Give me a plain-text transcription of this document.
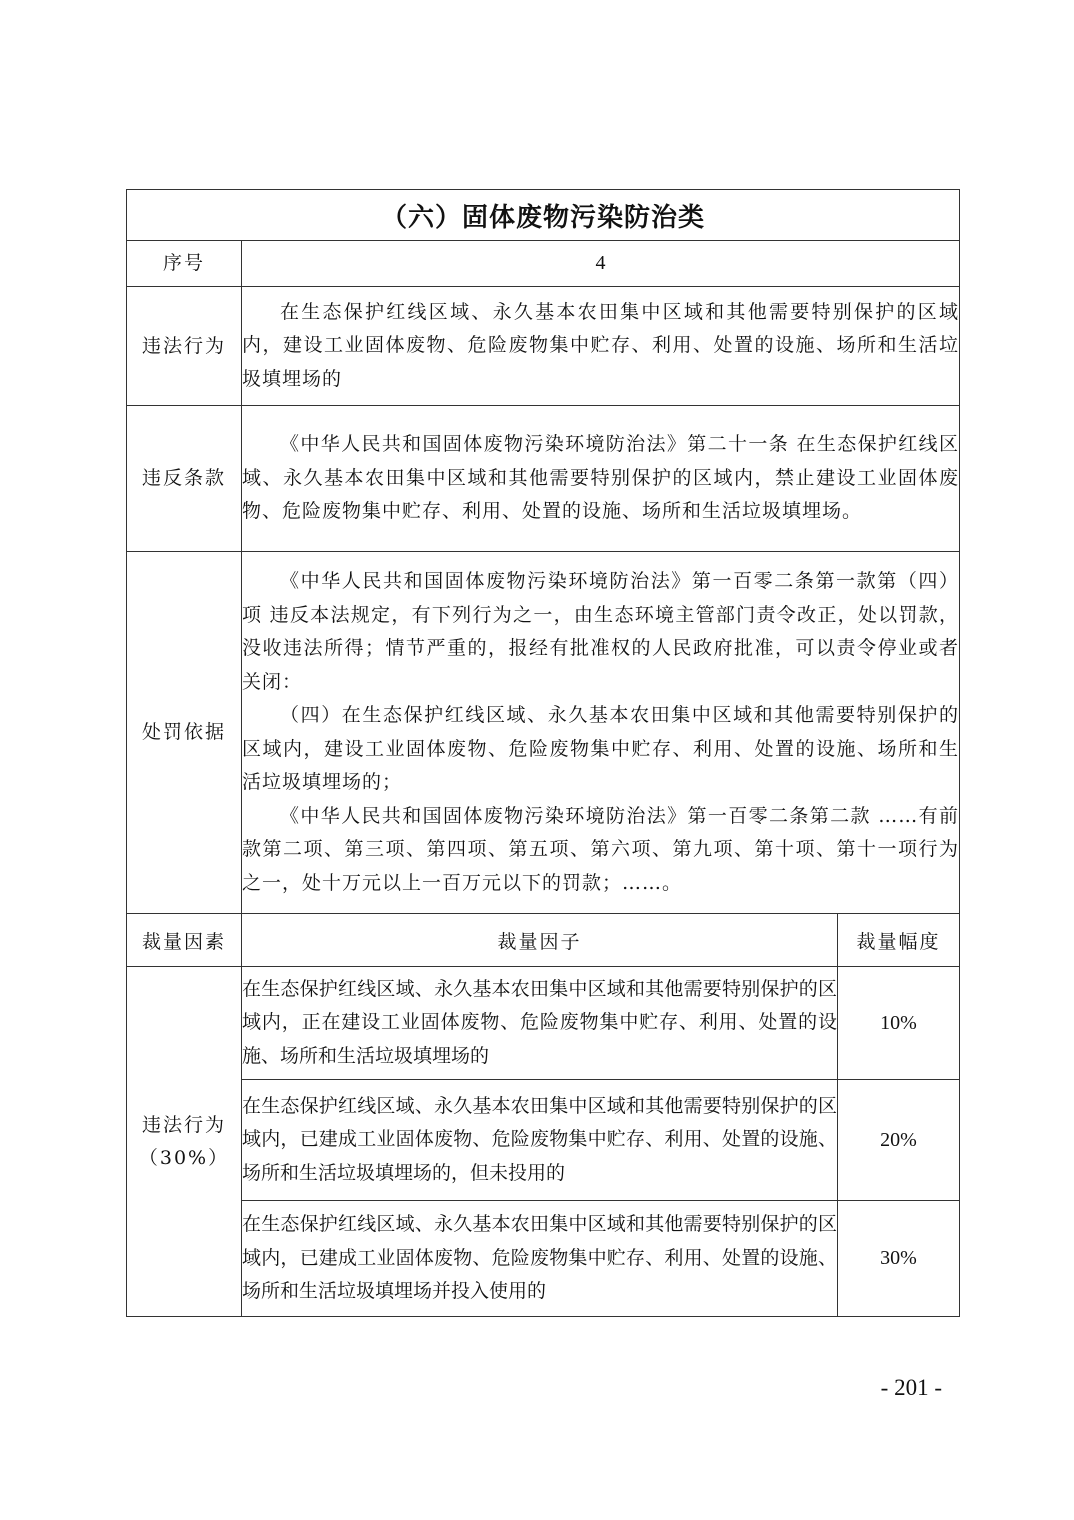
（六）固体废物污染防治类		
序号	4	
违法行为	在生态保护红线区域、永久基本农田集中区域和其他需要特别保护的区域内，建设工业固体废物、危险废物集中贮存、利用、处置的设施、场所和生活垃圾填埋场的	

违反条款	《中华人民共和国固体废物污染环境防治法》第二十一条 在生态保护红线区域、永久基本农田集中区域和其他需要特别保护的区域内，禁止建设工业固体废物、危险废物集中贮存、利用、处置的设施、场所和生活垃圾填埋场。	

处罚依据	《中华人民共和国固体废物污染环境防治法》第一百零二条第一款第（四）项 违反本法规定，有下列行为之一，由生态环境主管部门责令改正，处以罚款，没收违法所得；情节严重的，报经有批准权的人民政府批准，可以责令停业或者关闭：

（四）在生态保护红线区域、永久基本农田集中区域和其他需要特别保护的区域内，建设工业固体废物、危险废物集中贮存、利用、处置的设施、场所和生活垃圾填埋场的；

《中华人民共和国固体废物污染环境防治法》第一百零二条第二款 ……有前款第二项、第三项、第四项、第五项、第六项、第九项、第十项、第十一项行为之一，处十万元以上一百万元以下的罚款；……。	

裁量因素	裁量因子	裁量幅度

违法行为
（30%）	在生态保护红线区域、永久基本农田集中区域和其他需要特别保护的区域内，正在建设工业固体废物、危险废物集中贮存、利用、处置的设施、场所和生活垃圾填埋场的	10%
	在生态保护红线区域、永久基本农田集中区域和其他需要特别保护的区域内，已建成工业固体废物、危险废物集中贮存、利用、处置的设施、场所和生活垃圾填埋场的，但未投用的	20%
	在生态保护红线区域、永久基本农田集中区域和其他需要特别保护的区域内，已建成工业固体废物、危险废物集中贮存、利用、处置的设施、场所和生活垃圾填埋场并投入使用的	30%
- 201 -
